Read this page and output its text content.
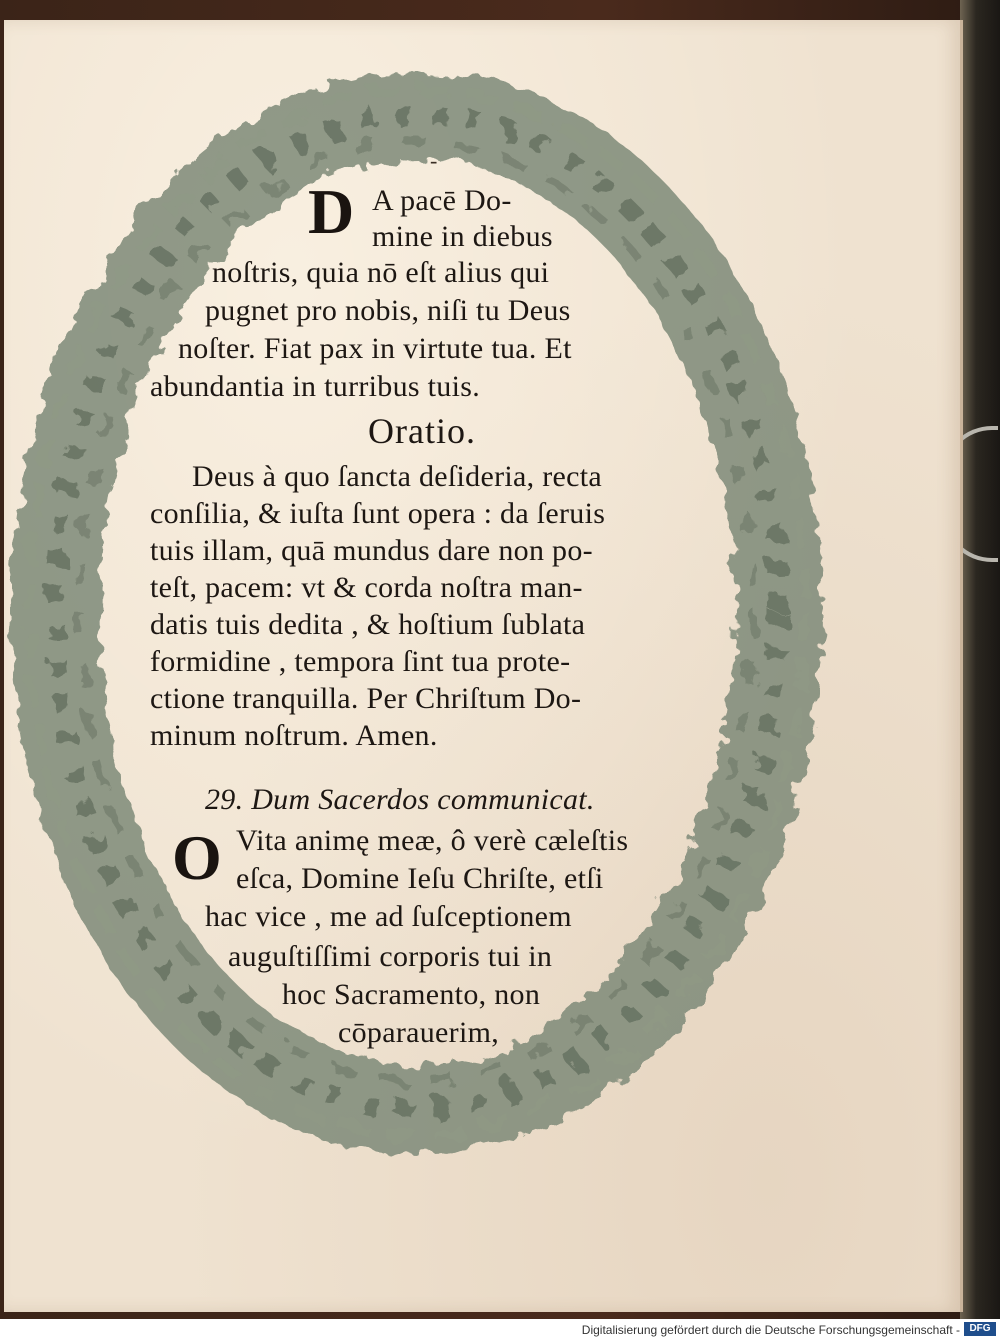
-
D A pacē Do-
mine in diebus
noſtris, quia nō eſt alius qui
pugnet pro nobis, niſi tu Deus
noſter. Fiat pax in virtute tua. Et
abundantia in turribus tuis.
Oratio.
Deus à quo ſancta deſideria, recta
conſilia, & iuſta ſunt opera : da ſeruis
tuis illam, quā mundus dare non po-
teſt, pacem: vt & corda noſtra man-
datis tuis dedita , & hoſtium ſublata
formidine , tempora ſint tua prote-
ctione tranquilla. Per Chriſtum Do-
minum noſtrum. Amen.
29. Dum Sacerdos communicat.
O Vita animę meæ, ô verè cæleſtis
eſca, Domine Ieſu Chriſte, etſi
hac vice , me ad ſuſceptionem
auguſtiſſimi corporis tui in
hoc Sacramento, non
cōparauerim,
Digitalisierung gefördert durch die Deutsche Forschungsgemeinschaft - DFG
